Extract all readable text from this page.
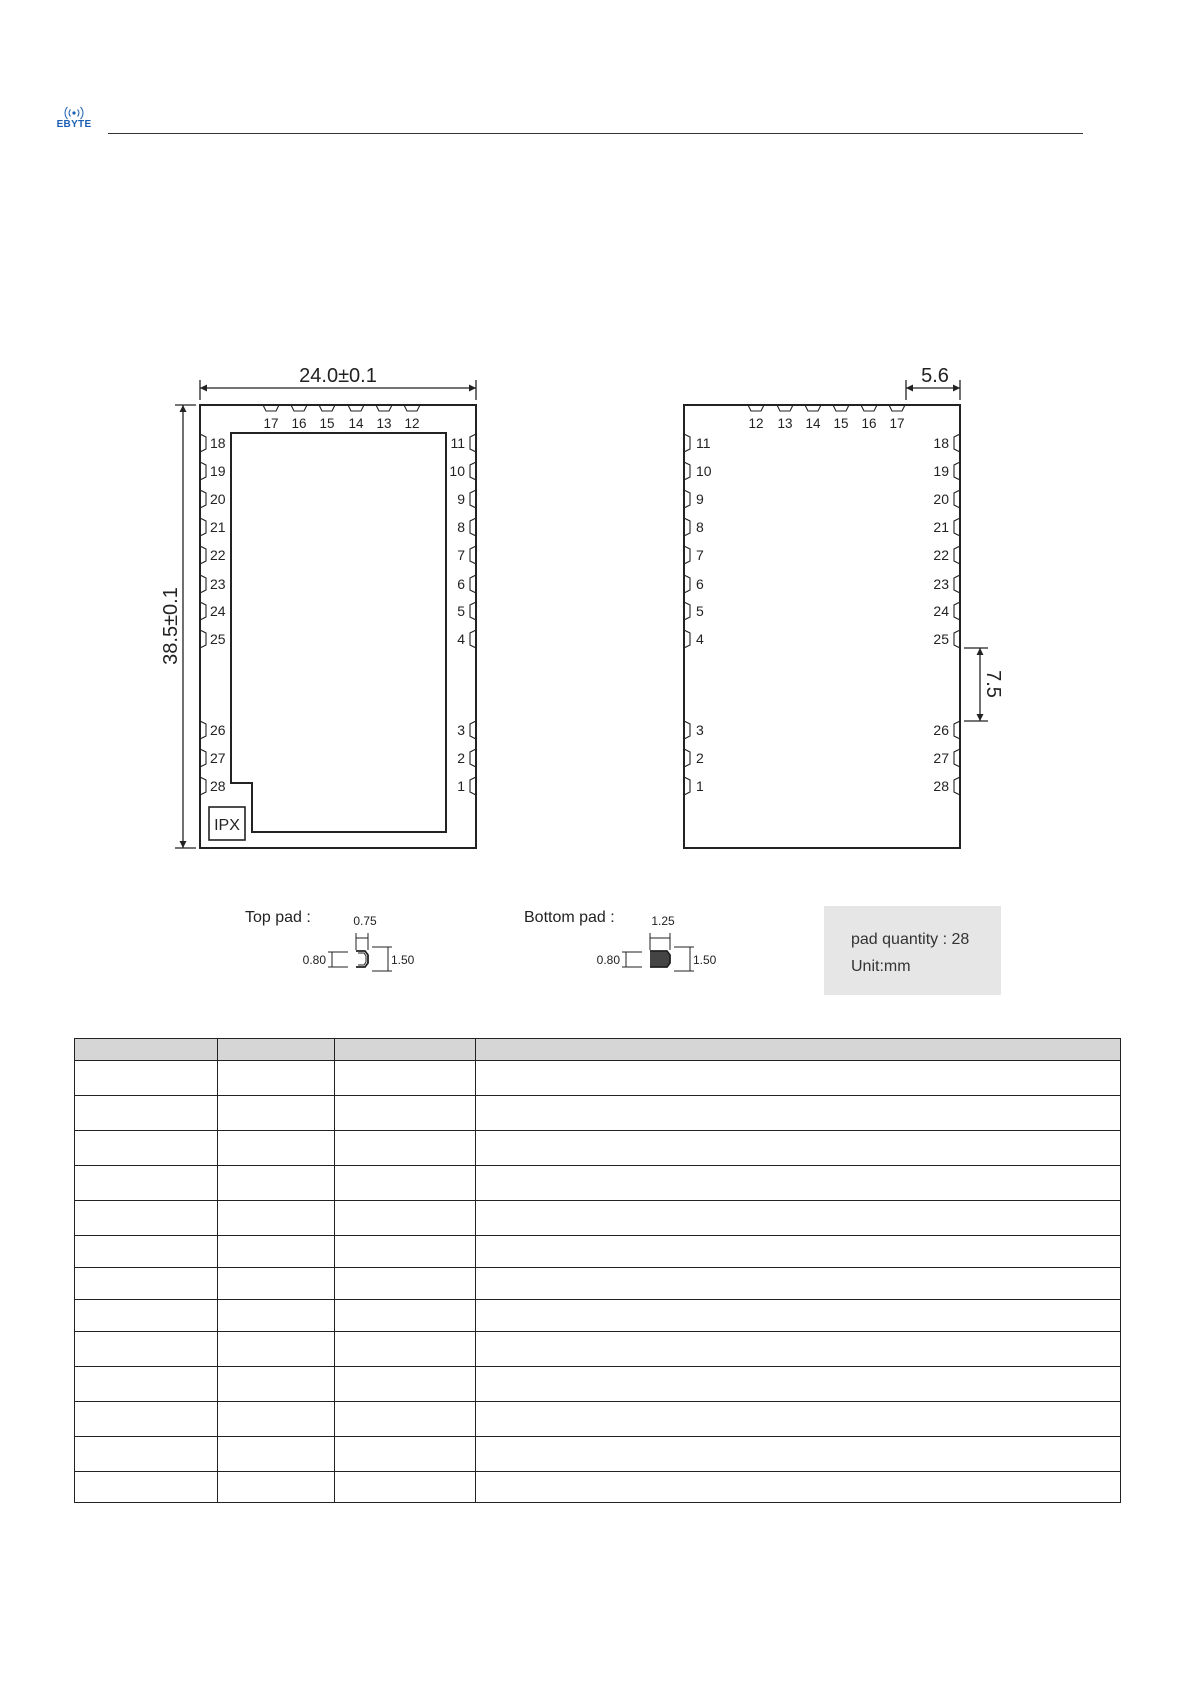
EBYTE
IPX
17 16 15 14 13 12
18
19
20
21
22
23
24
25
26
27
28
11
10
9
8
7
6
5
4
3
2
1
24.0±0.1
38.5±0.1
12 13 14 15 16 17
11
10
9
8
7
6
5
4
3
2
1
18
19
20
21
22
23
24
25
26
27
28
5.6
7.5
Top pad :	0.75
0.80	1.50
Bottom pad :	1.25
0.80	1.50
pad quantity : 28
Unit:mm
